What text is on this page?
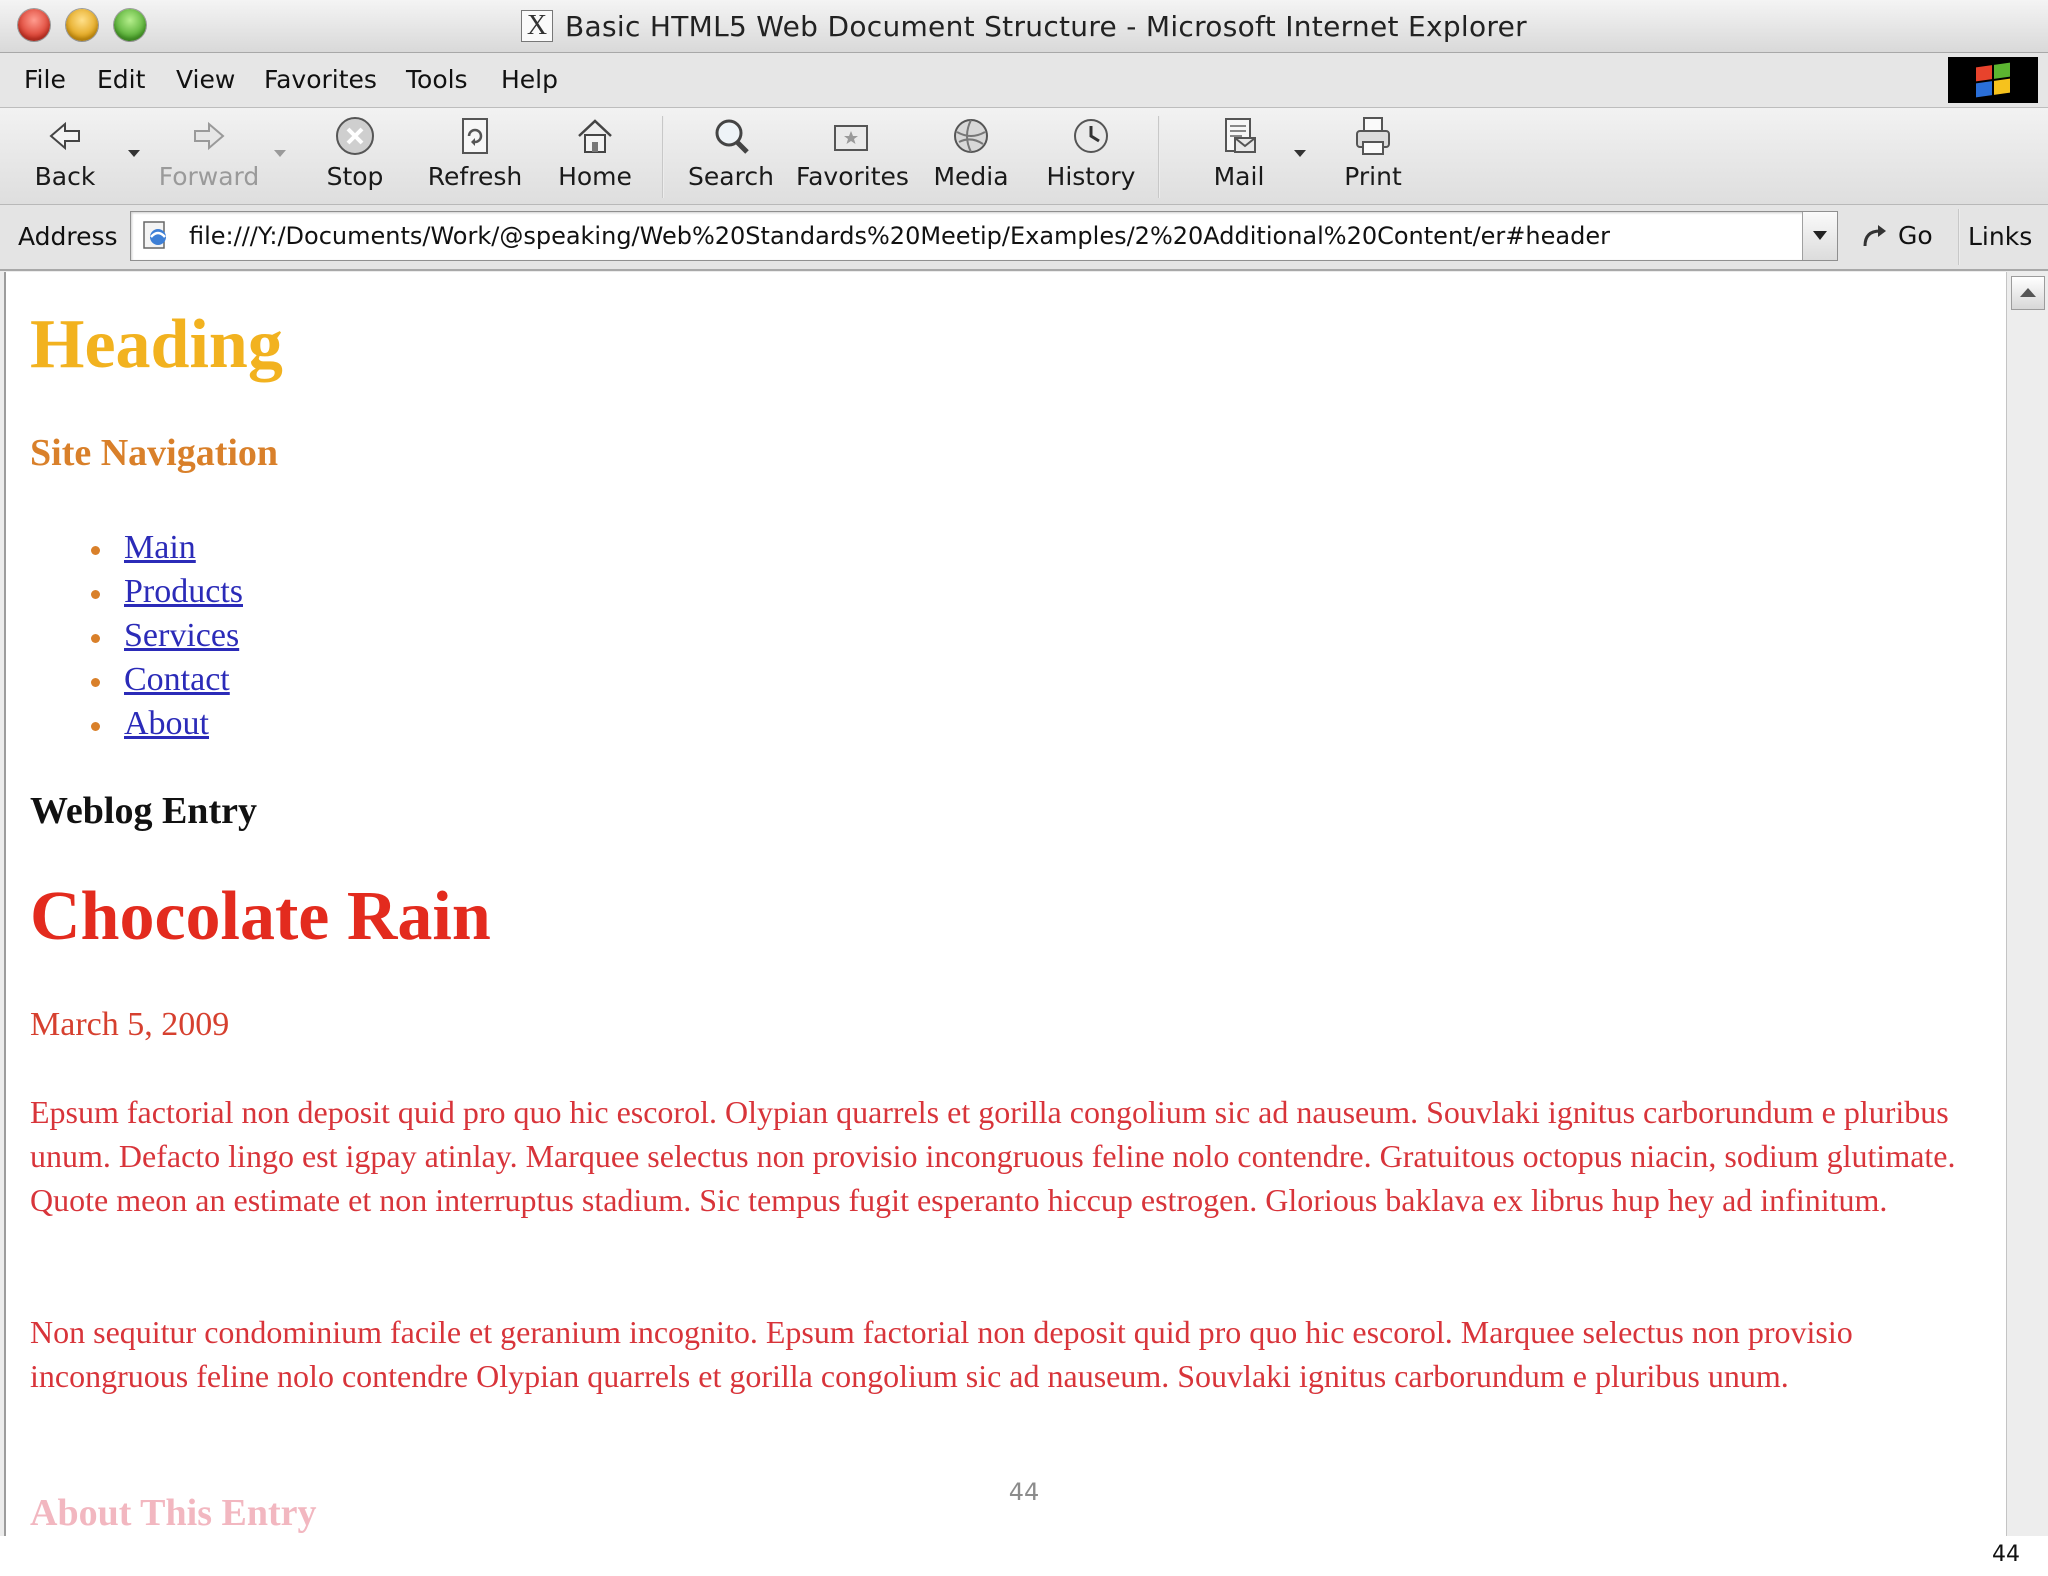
X Basic HTML5 Web Document Structure - Microsoft Internet Explorer
File Edit View Favorites Tools Help
Back	Forward	Stop	Refresh	Home	Search Favorites Media	History	Mail	Print
Address	file:///Y:/Documents/Work/@speaking/Web%20Standards%20Meetip/Examples/2%20Additional%20Content/er#header	Go Links
Heading
Site Navigation
Main
Products
Services
Contact
About
Weblog Entry
Chocolate Rain

March 5, 2009

Epsum factorial non deposit quid pro quo hic escorol. Olypian quarrels et gorilla congolium sic ad nauseum. Souvlaki ignitus carborundum e pluribus unum. Defacto lingo est igpay atinlay. Marquee selectus non provisio incongruous feline nolo contendre. Gratuitous octopus niacin, sodium glutimate. Quote meon an estimate et non interruptus stadium. Sic tempus fugit esperanto hiccup estrogen. Glorious baklava ex librus hup hey ad infinitum.

Non sequitur condominium facile et geranium incognito. Epsum factorial non deposit quid pro quo hic escorol. Marquee selectus non provisio incongruous feline nolo contendre Olypian quarrels et gorilla congolium sic ad nauseum. Souvlaki ignitus carborundum e pluribus unum.

About This Entry	44
44
